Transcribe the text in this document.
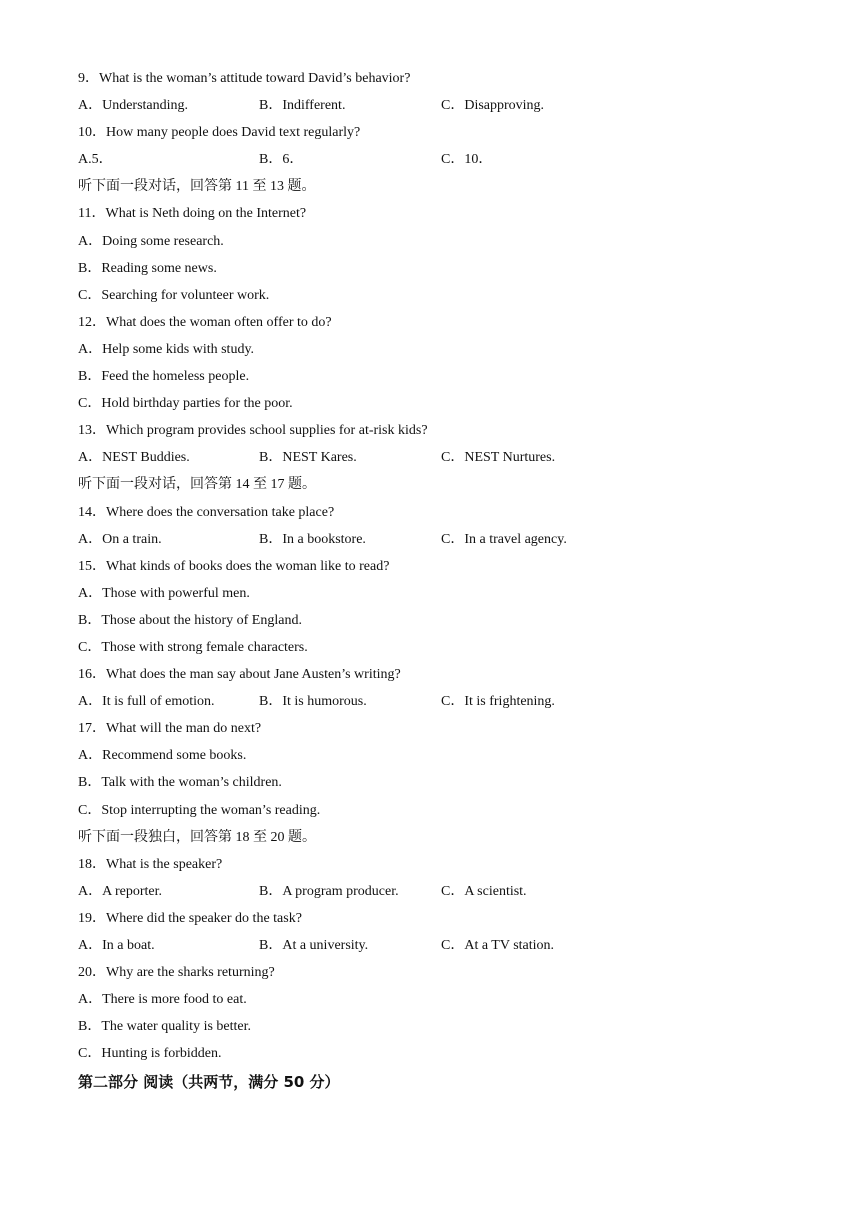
9．What is the woman’s attitude toward David’s behavior?
A．Understanding.	B．Indifferent.	C．Disapproving.
10．How many people does David text regularly?
A.5．	B．6．	C．10．
听下面一段对话，回答第 11 至 13 题。
11．What is Neth doing on the Internet?
A．Doing some research.
B．Reading some news.
C．Searching for volunteer work.
12．What does the woman often offer to do?
A．Help some kids with study.
B．Feed the homeless people.
C．Hold birthday parties for the poor.
13．Which program provides school supplies for at-risk kids?
A．NEST Buddies.	B．NEST Kares.	C．NEST Nurtures.
听下面一段对话，回答第 14 至 17 题。
14．Where does the conversation take place?
A．On a train.	B．In a bookstore.	C．In a travel agency.
15．What kinds of books does the woman like to read?
A．Those with powerful men.
B．Those about the history of England.
C．Those with strong female characters.
16．What does the man say about Jane Austen’s writing?
A．It is full of emotion.	B．It is humorous.	C．It is frightening.
17．What will the man do next?
A．Recommend some books.
B．Talk with the woman’s children.
C．Stop interrupting the woman’s reading.
听下面一段独白，回答第 18 至 20 题。
18．What is the speaker?
A．A reporter.	B．A program producer.	C．A scientist.
19．Where did the speaker do the task?
A．In a boat.	B．At a university.	C．At a TV station.
20．Why are the sharks returning?
A．There is more food to eat.
B．The water quality is better.
C．Hunting is forbidden.
第二部分 阅读（共两节，满分 50 分）
